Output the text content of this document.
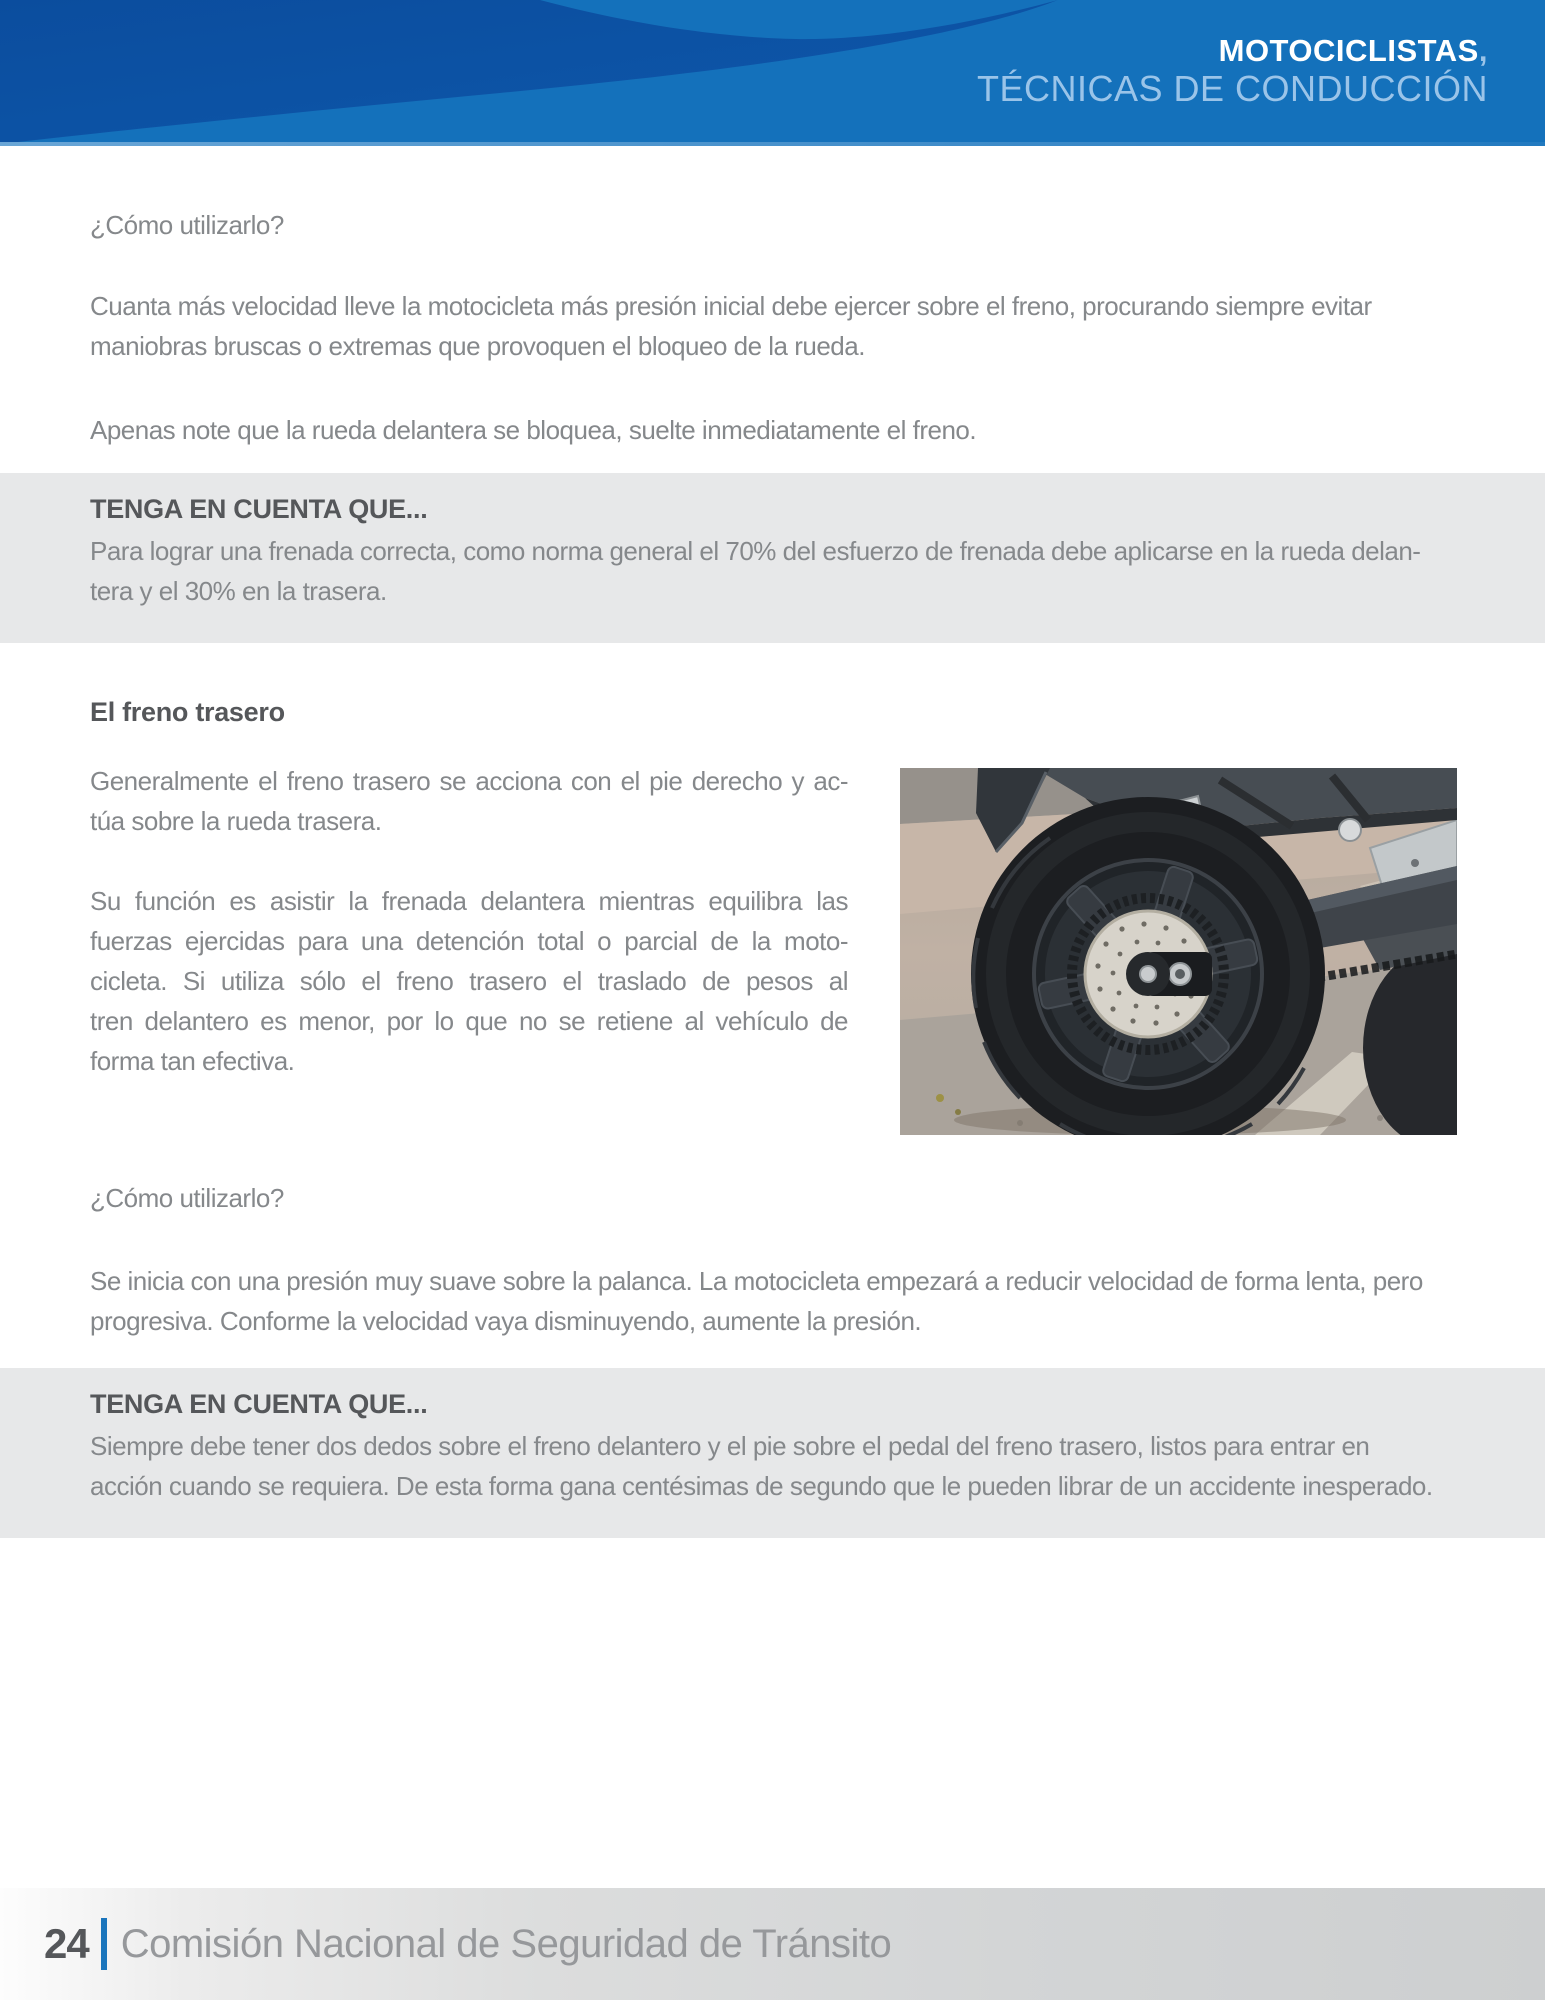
MOTOCICLISTAS,
TÉCNICAS DE CONDUCCIÓN
¿Cómo utilizarlo?
Cuanta más velocidad lleve la motocicleta más presión inicial debe ejercer sobre el freno, procurando siempre evitar
maniobras bruscas o extremas que provoquen el bloqueo de la rueda.
Apenas note que la rueda delantera se bloquea, suelte inmediatamente el freno.
TENGA EN CUENTA QUE...
Para lograr una frenada correcta, como norma general el 70% del esfuerzo de frenada debe aplicarse en la rueda delan-
tera y el 30% en la trasera.
El freno trasero
Generalmente el freno trasero se acciona con el pie derecho y ac-
túa sobre la rueda trasera.
Su función es asistir la frenada delantera mientras equilibra las
fuerzas ejercidas para una detención total o parcial de la moto-
cicleta. Si utiliza sólo el freno trasero el traslado de pesos al
tren delantero es menor, por lo que no se retiene al vehículo de
forma tan efectiva.
¿Cómo utilizarlo?
Se inicia con una presión muy suave sobre la palanca. La motocicleta empezará a reducir velocidad de forma lenta, pero
progresiva. Conforme la velocidad vaya disminuyendo, aumente la presión.
TENGA EN CUENTA QUE...
Siempre debe tener dos dedos sobre el freno delantero y el pie sobre el pedal del freno trasero, listos para entrar en
acción cuando se requiera. De esta forma gana centésimas de segundo que le pueden librar de un accidente inesperado.
24 Comisión Nacional de Seguridad de Tránsito
